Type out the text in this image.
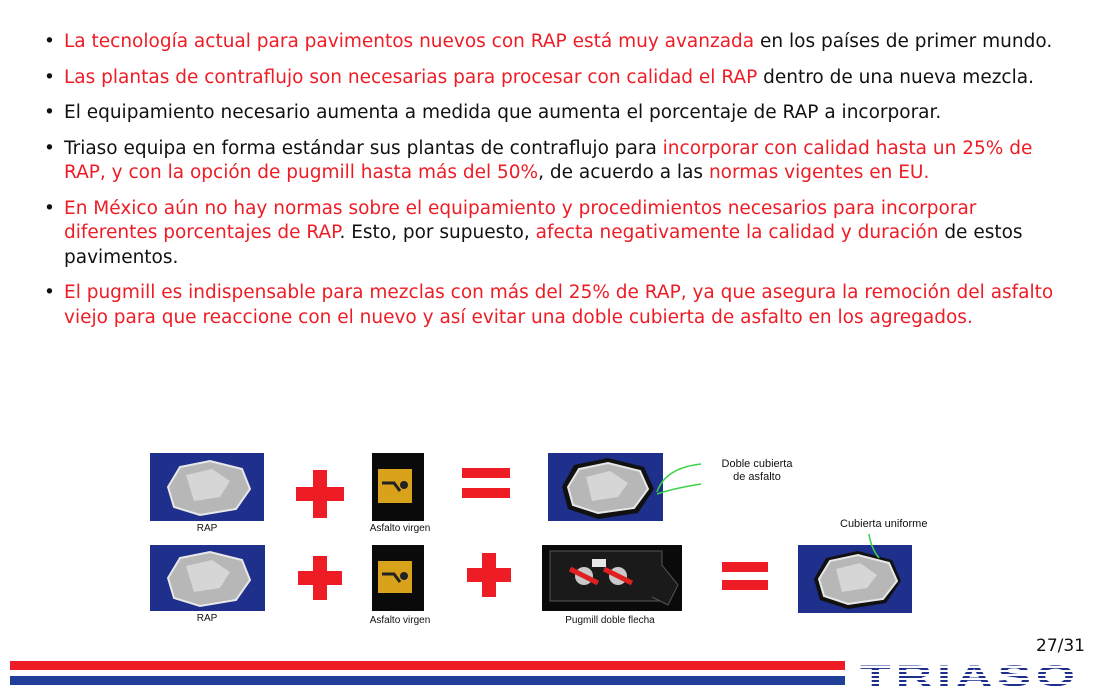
• La tecnología actual para pavimentos nuevos con RAP está muy avanzada en los países de primer mundo.
• Las plantas de contraflujo son necesarias para procesar con calidad el RAP dentro de una nueva mezcla.
• El equipamiento necesario aumenta a medida que aumenta el porcentaje de RAP a incorporar.
• Triaso equipa en forma estándar sus plantas de contraflujo para incorporar con calidad hasta un 25% de RAP, y con la opción de pugmill hasta más del 50%, de acuerdo a las normas vigentes en EU.
• En México aún no hay normas sobre el equipamiento y procedimientos necesarios para incorporar diferentes porcentajes de RAP. Esto, por supuesto, afecta negativamente la calidad y duración de estos pavimentos.
• El pugmill es indispensable para mezclas con más del 25% de RAP, ya que asegura la remoción del asfalto viejo para que reaccione con el nuevo y así evitar una doble cubierta de asfalto en los agregados.
RAP	Asfalto virgen
Doble cubierta
de asfalto
RAP	Asfalto virgen	Pugmill doble flecha
Cubierta uniforme
27/31
TRIASO
